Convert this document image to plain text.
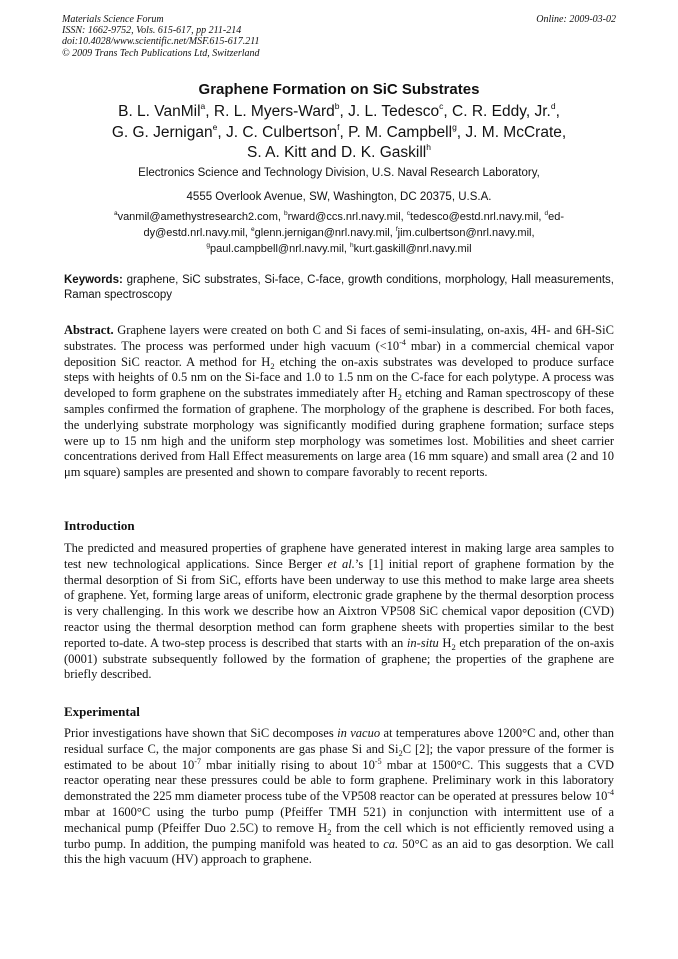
Materials Science Forum
ISSN: 1662-9752, Vols. 615-617, pp 211-214
doi:10.4028/www.scientific.net/MSF.615-617.211
© 2009 Trans Tech Publications Ltd, Switzerland
Online: 2009-03-02
Graphene Formation on SiC Substrates
B. L. VanMil$^a$, R. L. Myers-Ward$^b$, J. L. Tedesco$^c$, C. R. Eddy, Jr.$^d$,
G. G. Jernigan$^e$, J. C. Culbertson$^f$, P. M. Campbell$^g$, J. M. McCrate,
S. A. Kitt and D. K. Gaskill$^h$
Electronics Science and Technology Division, U.S. Naval Research Laboratory,
4555 Overlook Avenue, SW, Washington, DC 20375, U.S.A.
$^a$vanmil@amethystresearch2.com, $^b$rward@ccs.nrl.navy.mil, $^c$tedesco@estd.nrl.navy.mil, $^d$ed-dy@estd.nrl.navy.mil, $^e$glenn.jernigan@nrl.navy.mil, $^f$jim.culbertson@nrl.navy.mil,
$^g$paul.campbell@nrl.navy.mil, $^h$kurt.gaskill@nrl.navy.mil
Keywords: graphene, SiC substrates, Si-face, C-face, growth conditions, morphology, Hall measurements, Raman spectroscopy
Abstract. Graphene layers were created on both C and Si faces of semi-insulating, on-axis, 4H- and 6H-SiC substrates. The process was performed under high vacuum ($<10^{-4}$ mbar) in a commercial chemical vapor deposition SiC reactor. A method for $H_2$ etching the on-axis substrates was developed to produce surface steps with heights of 0.5 nm on the Si-face and 1.0 to 1.5 nm on the C-face for each polytype. A process was developed to form graphene on the substrates immediately after $H_2$ etching and Raman spectroscopy of these samples confirmed the formation of graphene. The morphology of the graphene is described. For both faces, the underlying substrate morphology was significantly modified during graphene formation; surface steps were up to 15 nm high and the uniform step morphology was sometimes lost. Mobilities and sheet carrier concentrations derived from Hall Effect measurements on large area (16 mm square) and small area (2 and 10 μm square) samples are presented and shown to compare favorably to recent reports.
Introduction
The predicted and measured properties of graphene have generated interest in making large area samples to test new technological applications. Since Berger et al.’s [1] initial report of graphene formation by the thermal desorption of Si from SiC, efforts have been underway to use this method to make large area sheets of graphene. Yet, forming large areas of uniform, electronic grade graphene by the thermal desorption process is very challenging. In this work we describe how an Aixtron VP508 SiC chemical vapor deposition (CVD) reactor using the thermal desorption method can form graphene sheets with properties similar to the best reported to-date. A two-step process is described that starts with an in-situ $H_2$ etch preparation of the on-axis (0001) substrate subsequently followed by the formation of graphene; the properties of the graphene are briefly described.
Experimental
Prior investigations have shown that SiC decomposes in vacuo at temperatures above 1200°C and, other than residual surface C, the major components are gas phase Si and $Si_2C$ [2]; the vapor pressure of the former is estimated to be about $10^{-7}$ mbar initially rising to about $10^{-5}$ mbar at 1500°C. This suggests that a CVD reactor operating near these pressures could be able to form graphene. Preliminary work in this laboratory demonstrated the 225 mm diameter process tube of the VP508 reactor can be operated at pressures below $10^{-4}$ mbar at 1600°C using the turbo pump (Pfeiffer TMH 521) in conjunction with intermittent use of a mechanical pump (Pfeiffer Duo 2.5C) to remove $H_2$ from the cell which is not efficiently removed using a turbo pump. In addition, the pumping manifold was heated to ca. 50°C as an aid to gas desorption. We call this the high vacuum (HV) approach to graphene.
